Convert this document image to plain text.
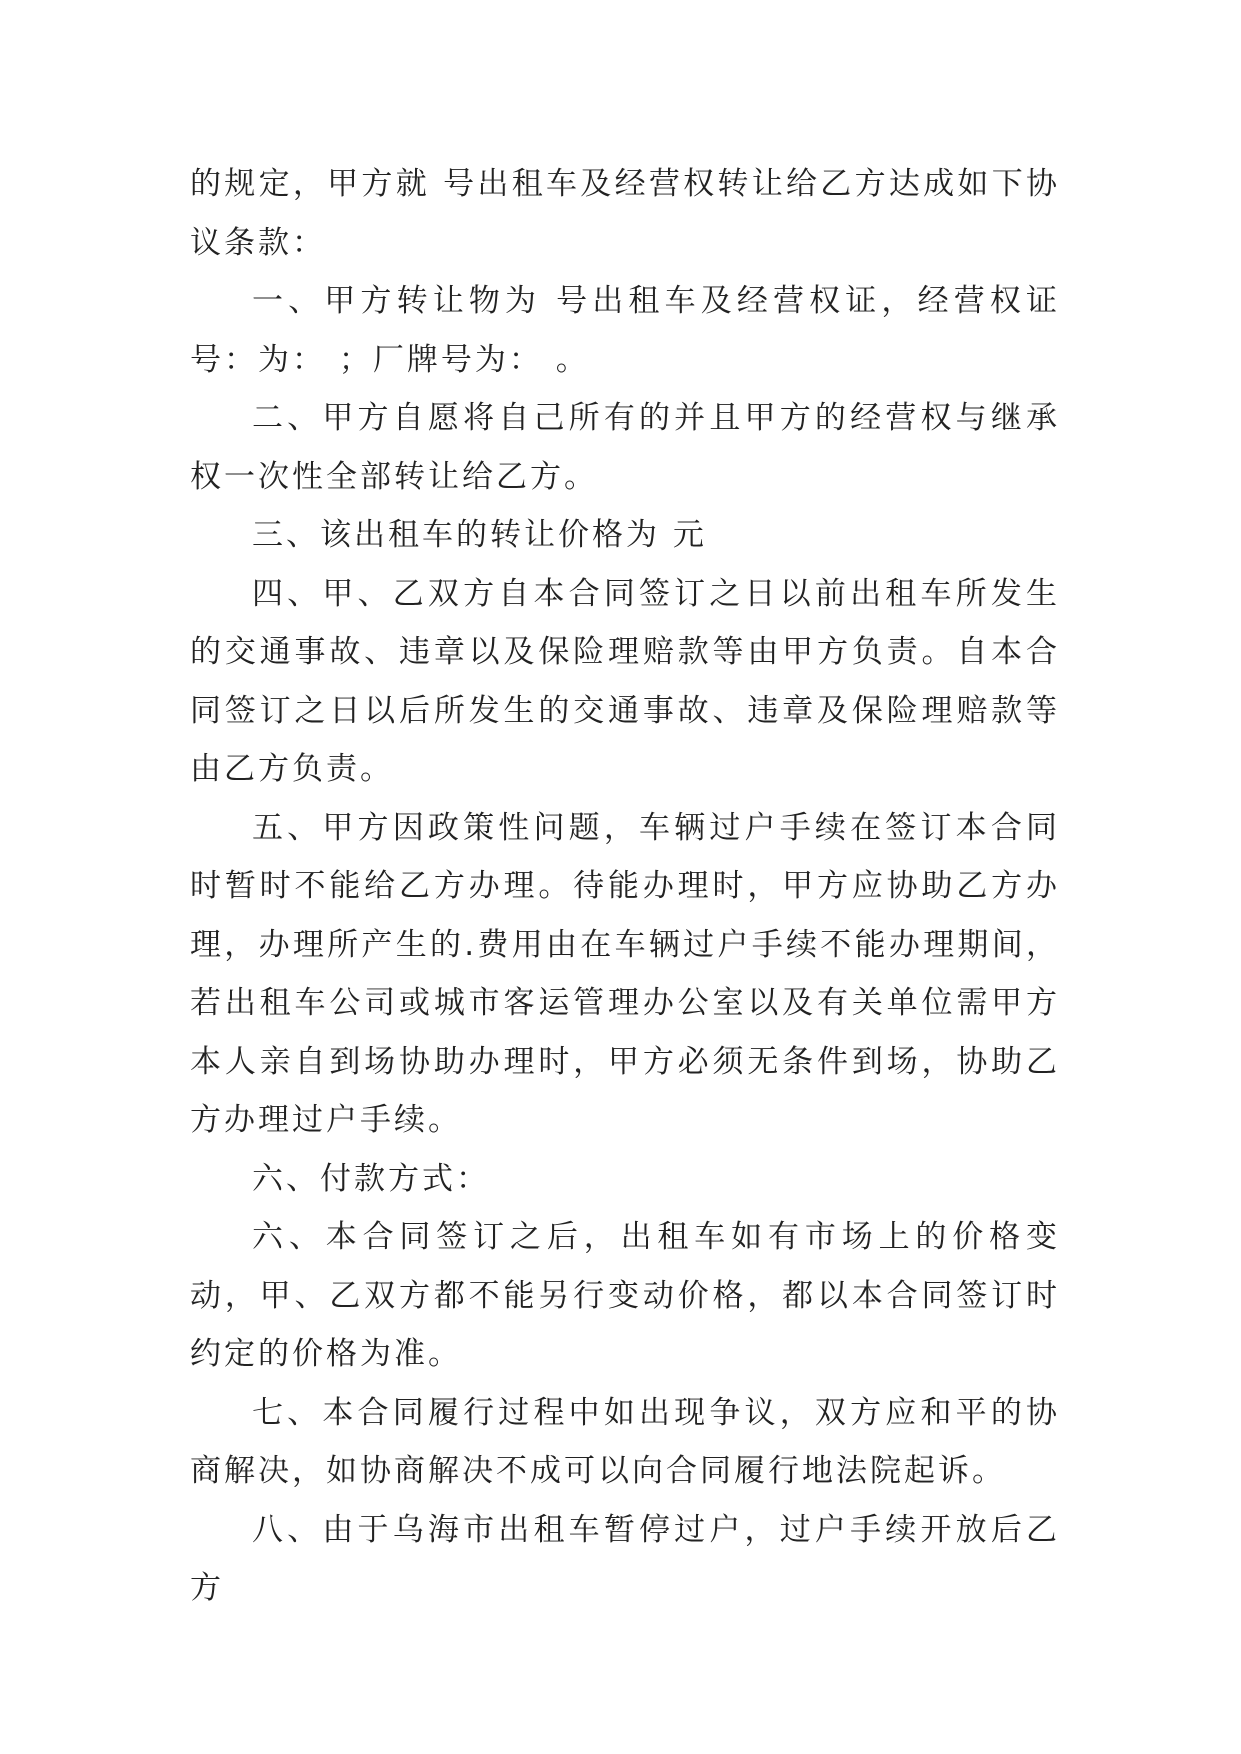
的规定，甲方就 号出租车及经营权转让给乙方达成如下协议条款：

一、甲方转让物为 号出租车及经营权证，经营权证号：为： ；厂牌号为： 。

二、甲方自愿将自己所有的并且甲方的经营权与继承权一次性全部转让给乙方。

三、该出租车的转让价格为 元

四、甲、乙双方自本合同签订之日以前出租车所发生的交通事故、违章以及保险理赔款等由甲方负责。自本合同签订之日以后所发生的交通事故、违章及保险理赔款等由乙方负责。

五、甲方因政策性问题，车辆过户手续在签订本合同时暂时不能给乙方办理。待能办理时，甲方应协助乙方办理，办理所产生的.费用由在车辆过户手续不能办理期间，若出租车公司或城市客运管理办公室以及有关单位需甲方本人亲自到场协助办理时，甲方必须无条件到场，协助乙方办理过户手续。

六、付款方式：

六、本合同签订之后，出租车如有市场上的价格变动，甲、乙双方都不能另行变动价格，都以本合同签订时约定的价格为准。

七、本合同履行过程中如出现争议，双方应和平的协商解决，如协商解决不成可以向合同履行地法院起诉。

八、由于乌海市出租车暂停过户，过户手续开放后乙方
